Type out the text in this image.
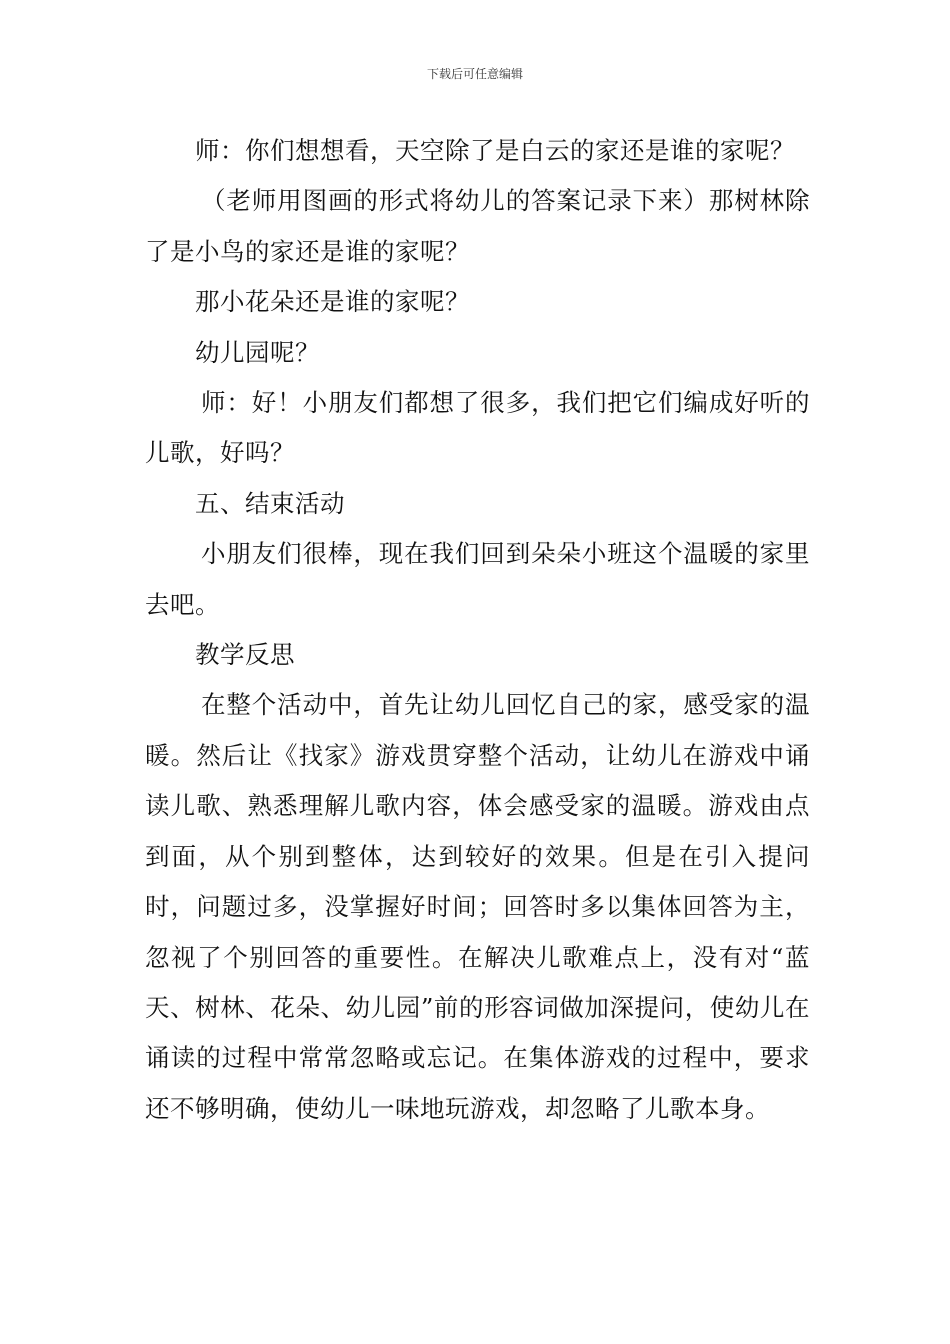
下载后可任意编辑

师：你们想想看，天空除了是白云的家还是谁的家呢？

（老师用图画的形式将幼儿的答案记录下来）那树林除了是小鸟的家还是谁的家呢？

那小花朵还是谁的家呢？

幼儿园呢？

师：好！小朋友们都想了很多，我们把它们编成好听的儿歌，好吗？

五、结束活动

小朋友们很棒，现在我们回到朵朵小班这个温暖的家里去吧。

教学反思

在整个活动中，首先让幼儿回忆自己的家，感受家的温暖。然后让《找家》游戏贯穿整个活动，让幼儿在游戏中诵读儿歌、熟悉理解儿歌内容，体会感受家的温暖。游戏由点到面，从个别到整体，达到较好的效果。但是在引入提问时，问题过多，没掌握好时间；回答时多以集体回答为主，忽视了个别回答的重要性。在解决儿歌难点上，没有对“蓝天、树林、花朵、幼儿园”前的形容词做加深提问，使幼儿在诵读的过程中常常忽略或忘记。在集体游戏的过程中，要求还不够明确，使幼儿一味地玩游戏，却忽略了儿歌本身。
